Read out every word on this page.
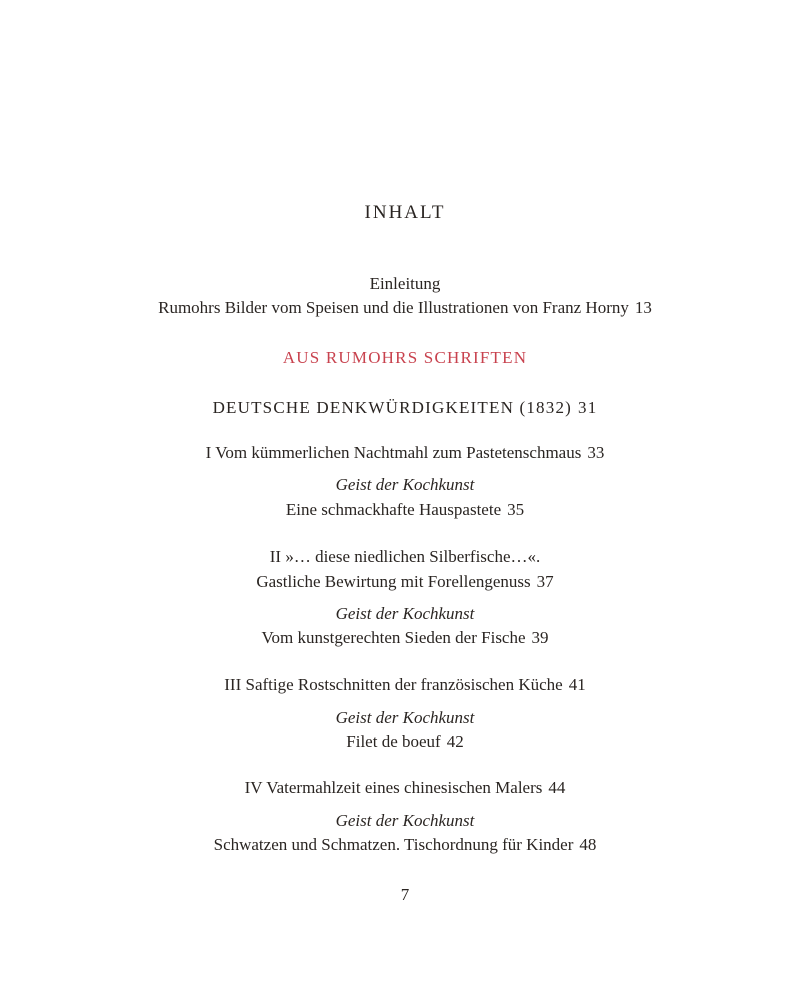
INHALT
Einleitung
Rumohrs Bilder vom Speisen und die Illustrationen von Franz Horny 13
AUS RUMOHRS SCHRIFTEN
DEUTSCHE DENKWÜRDIGKEITEN (1832) 31
I Vom kümmerlichen Nachtmahl zum Pastetenschmaus 33
Geist der Kochkunst
Eine schmackhafte Hauspastete 35
II »… diese niedlichen Silberfische…«.
Gastliche Bewirtung mit Forellengenuss 37
Geist der Kochkunst
Vom kunstgerechten Sieden der Fische 39
III Saftige Rostschnitten der französischen Küche 41
Geist der Kochkunst
Filet de boeuf 42
IV Vatermahlzeit eines chinesischen Malers 44
Geist der Kochkunst
Schwatzen und Schmatzen. Tischordnung für Kinder 48
7
